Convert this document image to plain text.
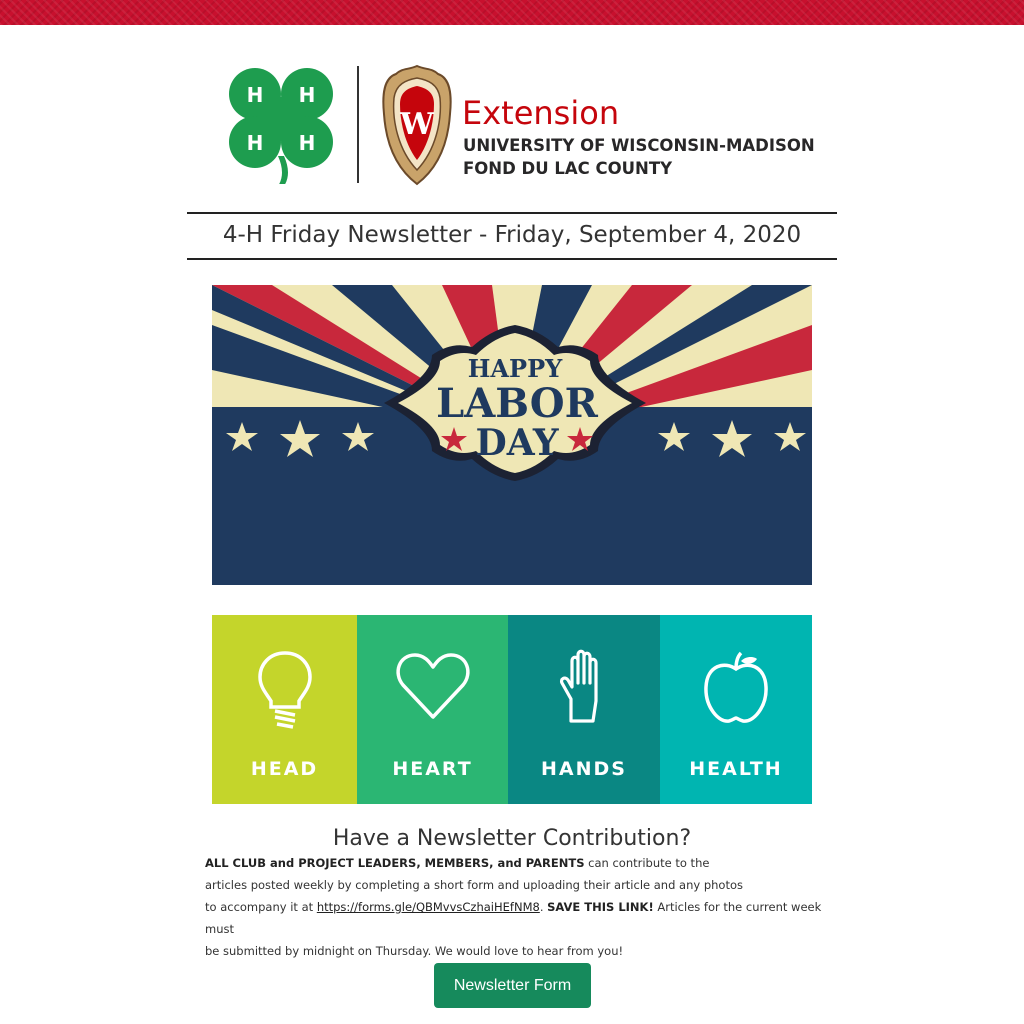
H H
H H
W Extension
UNIVERSITY OF WISCONSIN-MADISON
FOND DU LAC COUNTY
4-H Friday Newsletter - Friday, September 4, 2020
HAPPY
LABOR
DAY
HEAD	HEART	HANDS	HEALTH
Have a Newsletter Contribution?
ALL CLUB and PROJECT LEADERS, MEMBERS, and PARENTS can contribute to the
articles posted weekly by completing a short form and uploading their article and any photos
to accompany it at https://forms.gle/QBMvvsCzhaiHEfNM8. SAVE THIS LINK! Articles for the current week must
be submitted by midnight on Thursday. We would love to hear from you!
Newsletter Form
